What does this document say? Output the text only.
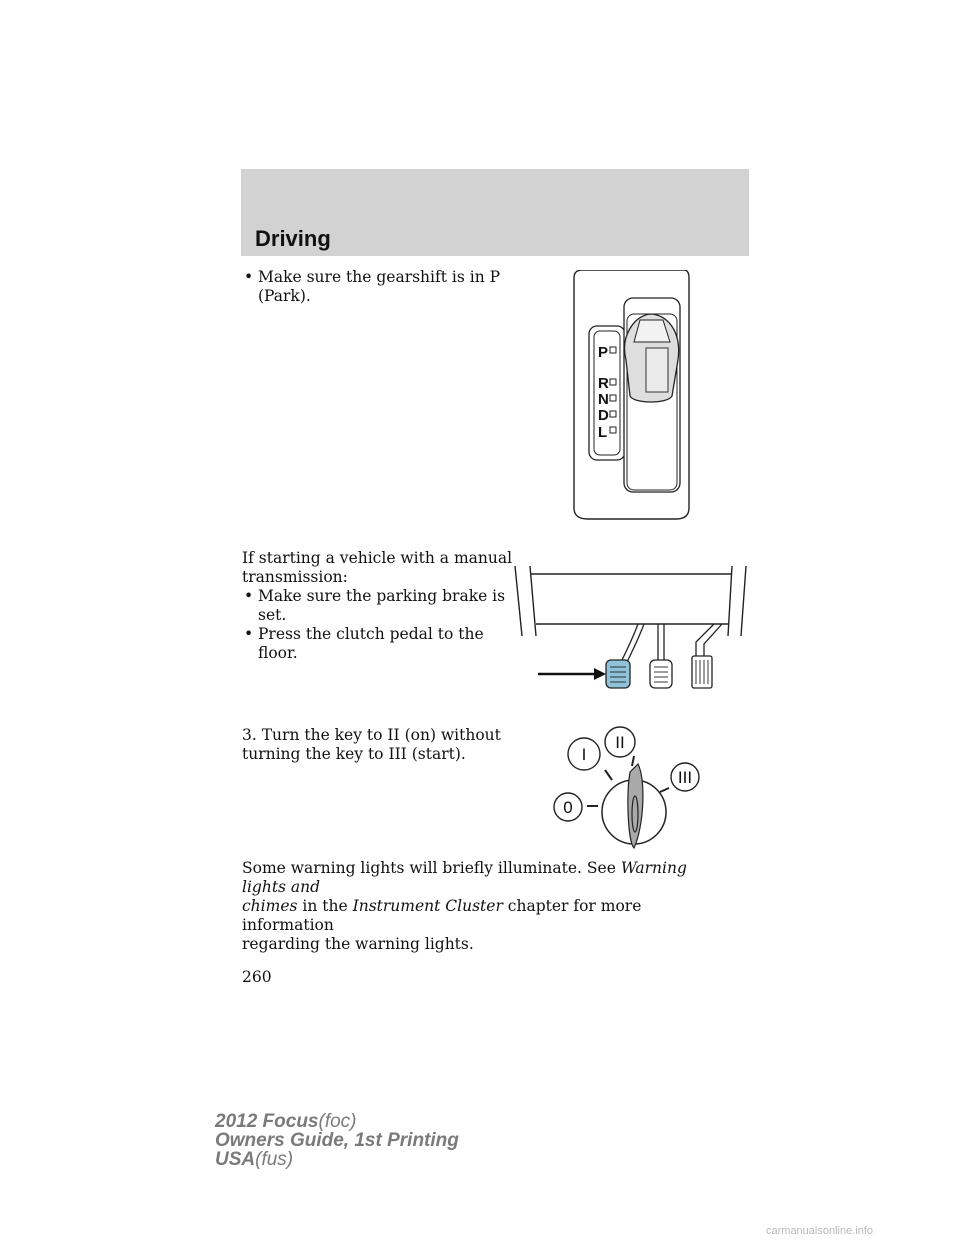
Driving
• Make sure the gearshift is in P
(Park).

P
R
N
D
L

If starting a vehicle with a manual
transmission:

• Make sure the parking brake is
set.

• Press the clutch pedal to the
floor.

3. Turn the key to II (on) without
turning the key to III (start).	I
II
III
0

Some warning lights will briefly illuminate. See Warning lights and
chimes in the Instrument Cluster chapter for more information
regarding the warning lights.

260
2012 Focus(foc)
Owners Guide, 1st Printing
USA(fus)
carmanualsonline.info
